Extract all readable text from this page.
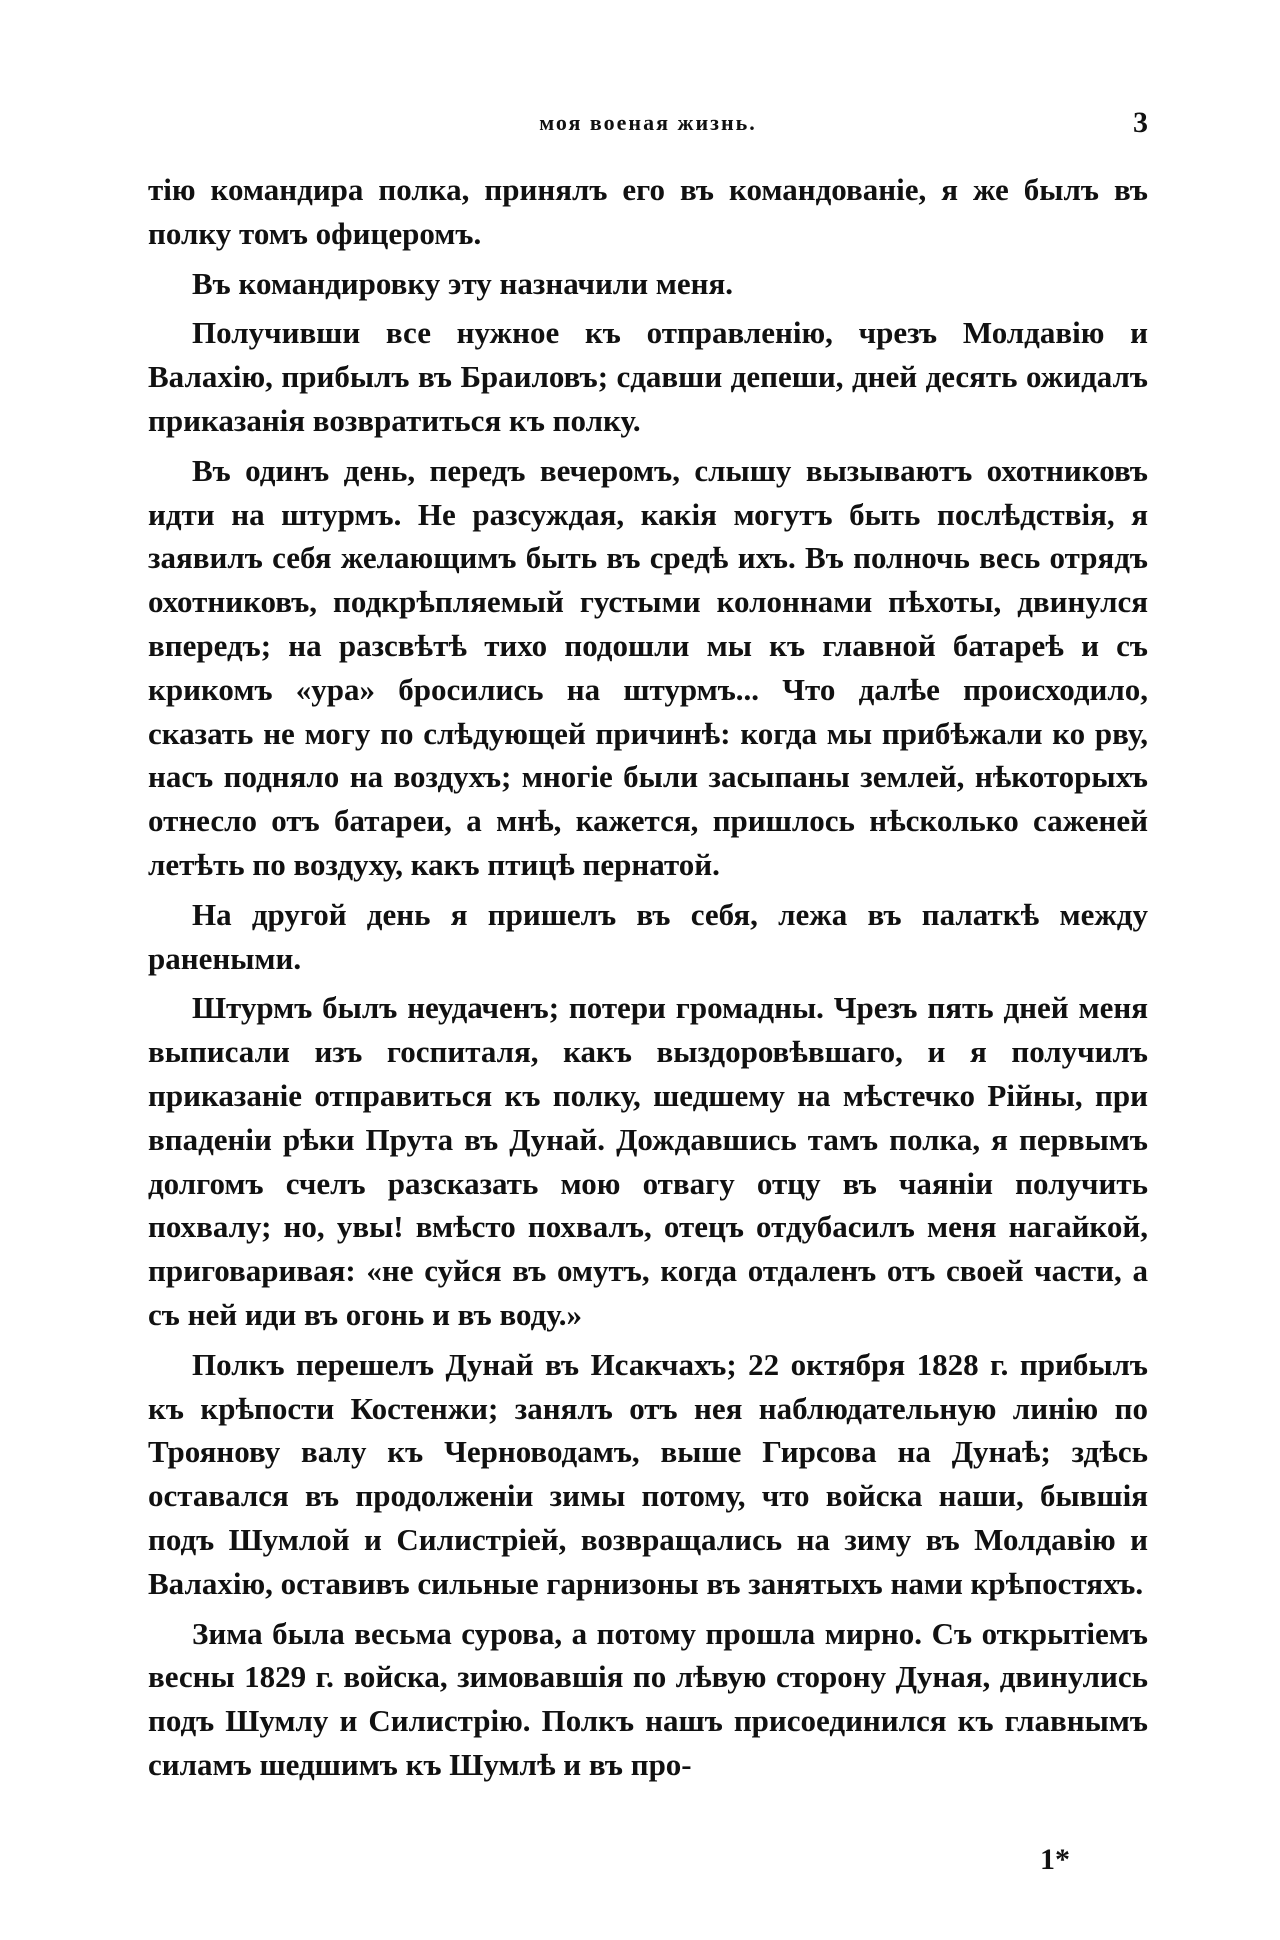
моя военая жизнь.	3

тію командира полка, принялъ его въ командованіе, я же былъ въ полку томъ офицеромъ.

Въ командировку эту назначили меня.

Получивши все нужное къ отправленію, чрезъ Молдавію и Валахію, прибылъ въ Браиловъ; сдавши депеши, дней десять ожидалъ приказанія возвратиться къ полку.

Въ одинъ день, передъ вечеромъ, слышу вызываютъ охотниковъ идти на штурмъ. Не разсуждая, какія могутъ быть послѣдствія, я заявилъ себя желающимъ быть въ средѣ ихъ. Въ полночь весь отрядъ охотниковъ, подкрѣпляемый густыми колоннами пѣхоты, двинулся впередъ; на разсвѣтѣ тихо подошли мы къ главной батареѣ и съ крикомъ «ура» бросились на штурмъ... Что далѣе происходило, сказать не могу по слѣдующей причинѣ: когда мы прибѣжали ко рву, насъ подняло на воздухъ; многіе были засыпаны землей, нѣкоторыхъ отнесло отъ батареи, а мнѣ, кажется, пришлось нѣсколько саженей летѣть по воздуху, какъ птицѣ пернатой.

На другой день я пришелъ въ себя, лежа въ палаткѣ между ранеными.

Штурмъ былъ неудаченъ; потери громадны. Чрезъ пять дней меня выписали изъ госпиталя, какъ выздоровѣвшаго, и я получилъ приказаніе отправиться къ полку, шедшему на мѣстечко Рійны, при впаденіи рѣки Прута въ Дунай. Дождавшись тамъ полка, я первымъ долгомъ счелъ разсказать мою отвагу отцу въ чаяніи получить похвалу; но, увы! вмѣсто похвалъ, отецъ отдубасилъ меня нагайкой, приговаривая: «не суйся въ омутъ, когда отдаленъ отъ своей части, а съ ней иди въ огонь и въ воду.»

Полкъ перешелъ Дунай въ Исакчахъ; 22 октября 1828 г. прибылъ къ крѣпости Костенжи; занялъ отъ нея наблюдательную линію по Троянову валу къ Черноводамъ, выше Гирсова на Дунаѣ; здѣсь оставался въ продолженіи зимы потому, что войска наши, бывшія подъ Шумлой и Силистріей, возвращались на зиму въ Молдавію и Валахію, оставивъ сильные гарнизоны въ занятыхъ нами крѣпостяхъ.

Зима была весьма сурова, а потому прошла мирно. Съ открытіемъ весны 1829 г. войска, зимовавшія по лѣвую сторону Дуная, двинулись подъ Шумлу и Силистрію. Полкъ нашъ присоединился къ главнымъ силамъ шедшимъ къ Шумлѣ и въ про-

1*
